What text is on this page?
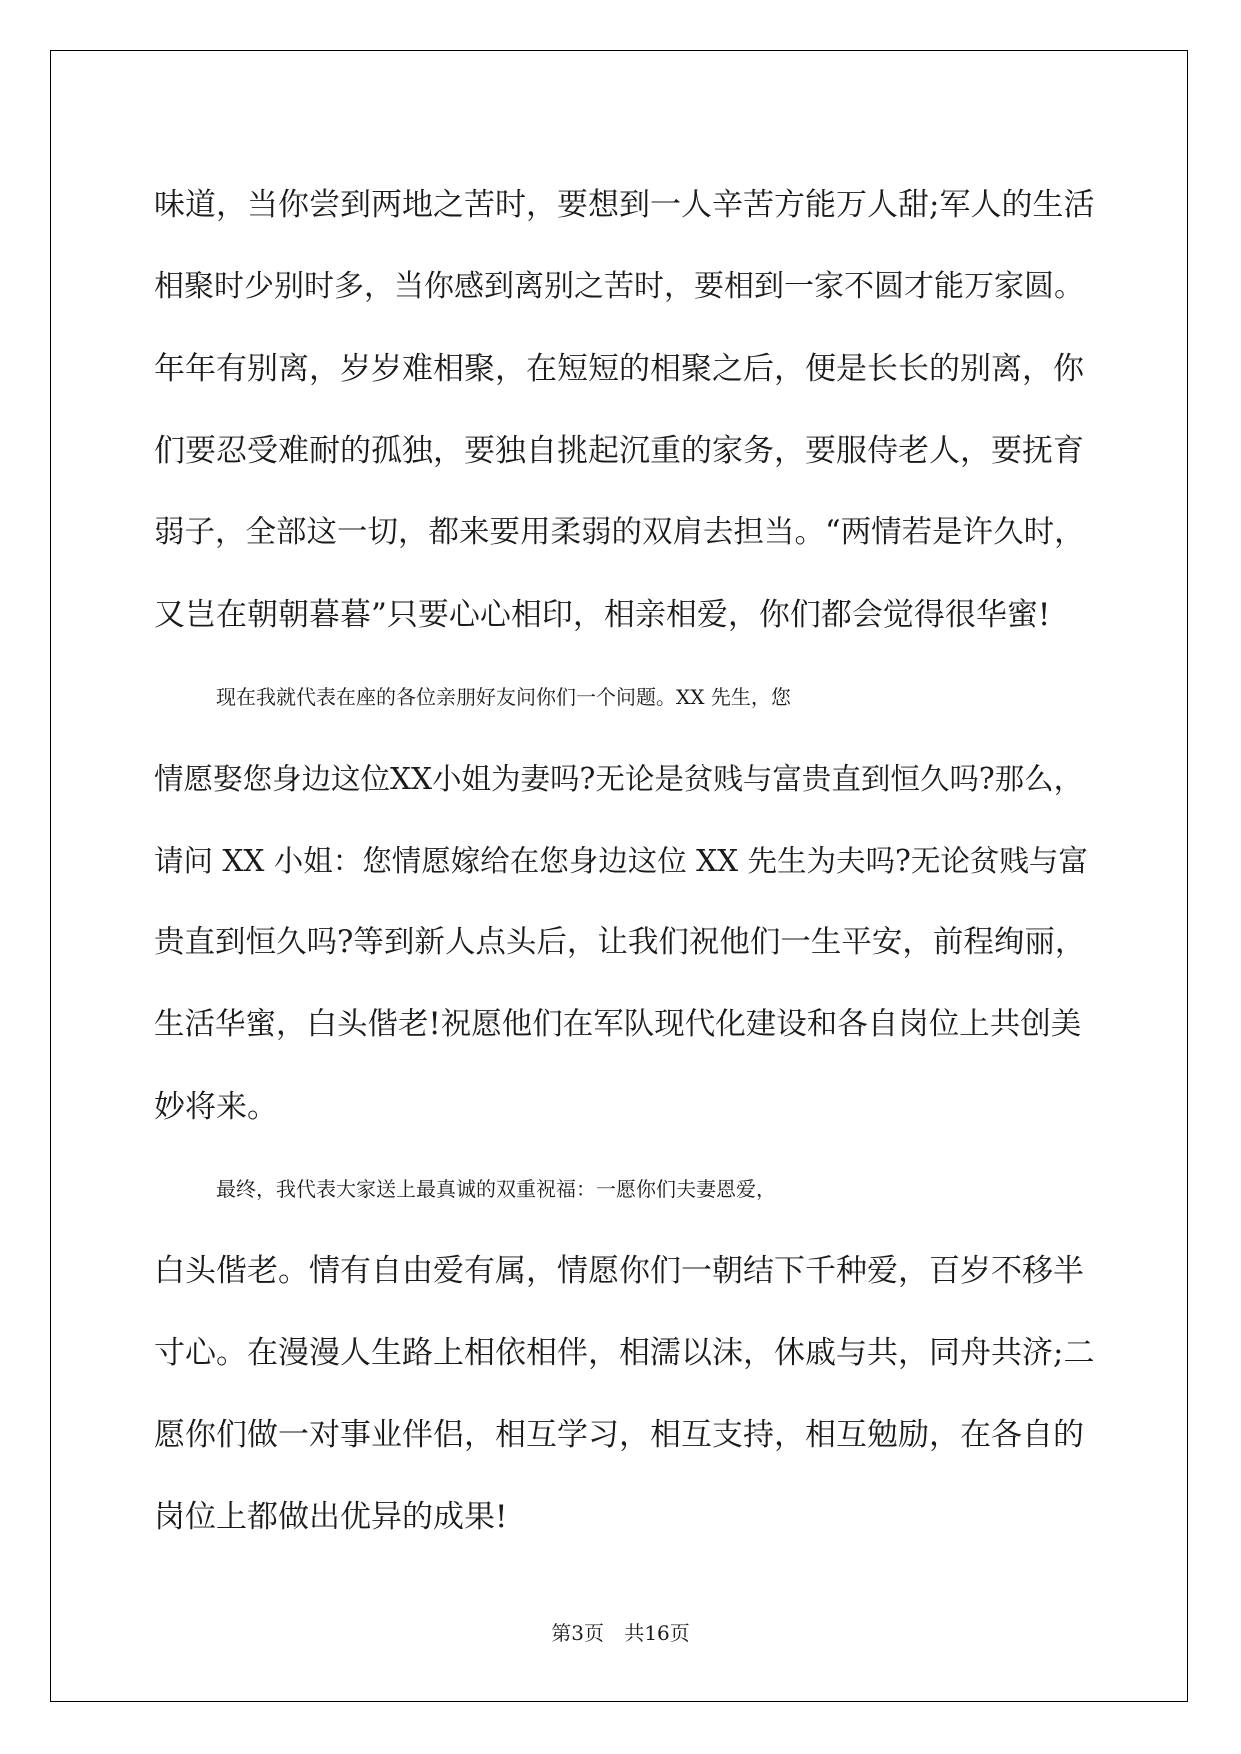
味道，当你尝到两地之苦时，要想到一人辛苦方能万人甜;军人的生活
相聚时少别时多，当你感到离别之苦时，要相到一家不圆才能万家圆。
年年有别离，岁岁难相聚，在短短的相聚之后，便是长长的别离，你
们要忍受难耐的孤独，要独自挑起沉重的家务，要服侍老人，要抚育
弱子，全部这一切，都来要用柔弱的双肩去担当。“两情若是许久时，
又岂在朝朝暮暮”只要心心相印，相亲相爱，你们都会觉得很华蜜!
现在我就代表在座的各位亲朋好友问你们一个问题。XX 先生，您
情愿娶您身边这位XX小姐为妻吗?无论是贫贱与富贵直到恒久吗?那么，
请问 XX 小姐：您情愿嫁给在您身边这位 XX 先生为夫吗?无论贫贱与富
贵直到恒久吗?等到新人点头后，让我们祝他们一生平安，前程绚丽，
生活华蜜，白头偕老!祝愿他们在军队现代化建设和各自岗位上共创美
妙将来。
最终，我代表大家送上最真诚的双重祝福：一愿你们夫妻恩爱，
白头偕老。情有自由爱有属，情愿你们一朝结下千种爱，百岁不移半
寸心。在漫漫人生路上相依相伴，相濡以沫，休戚与共，同舟共济;二
愿你们做一对事业伴侣，相互学习，相互支持，相互勉励，在各自的
岗位上都做出优异的成果!
第3页 共16页
